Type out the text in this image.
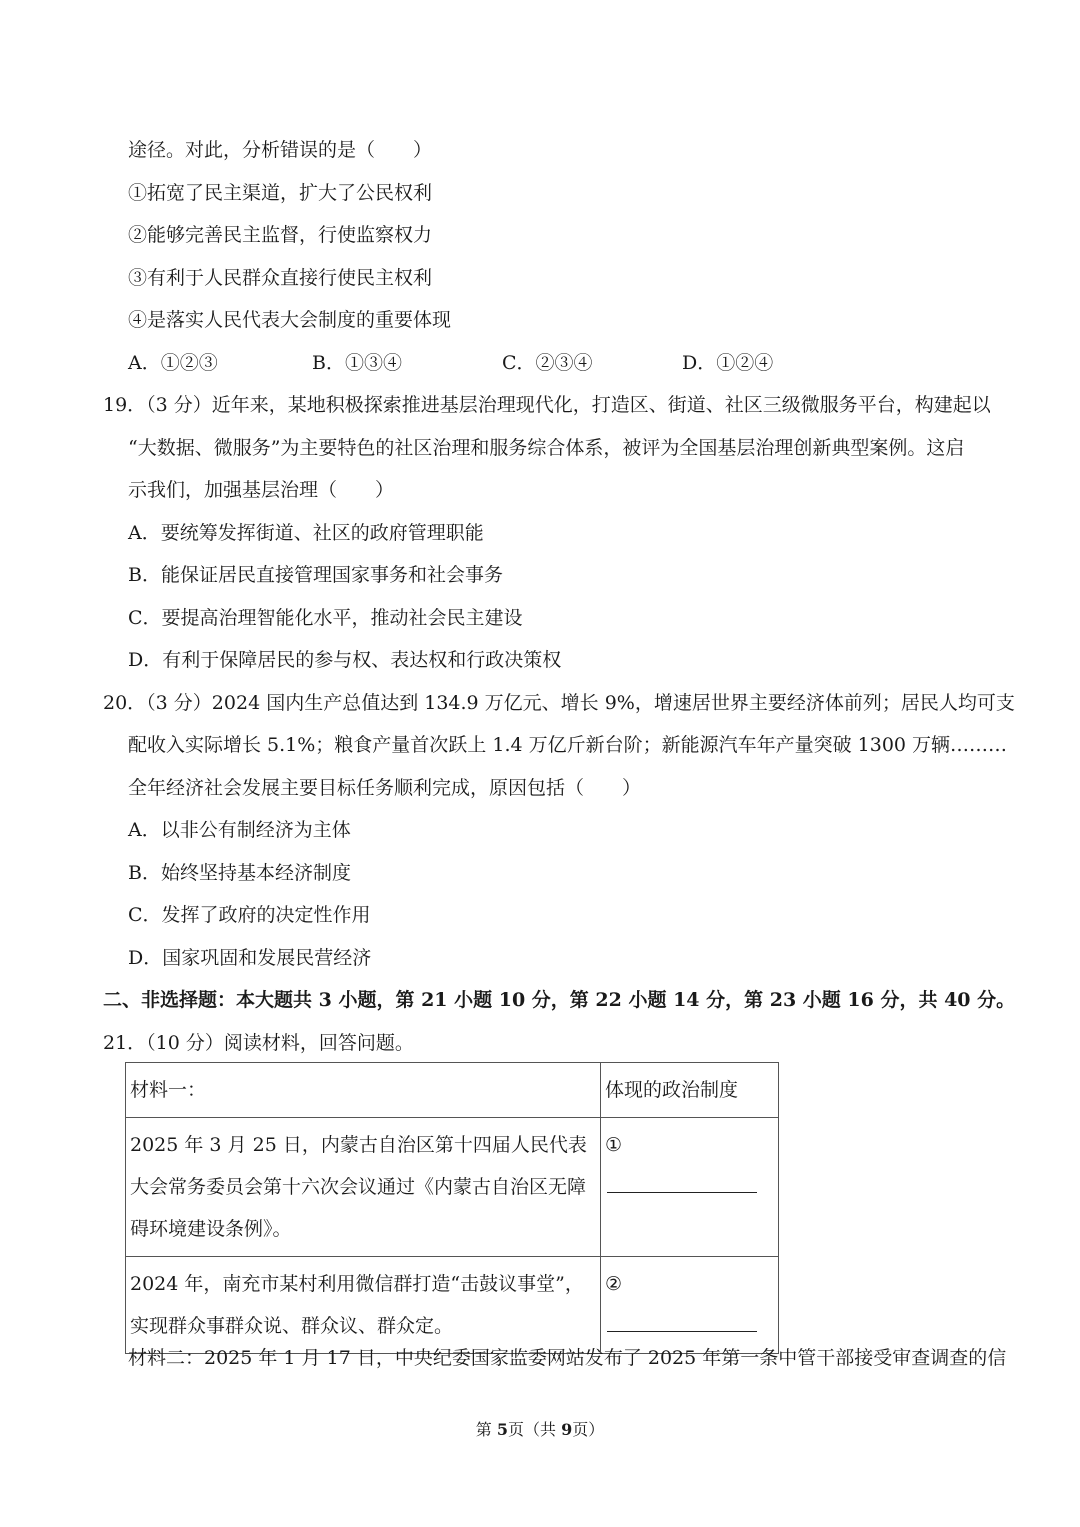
途径。对此，分析错误的是（　　）
①拓宽了民主渠道，扩大了公民权利
②能够完善民主监督，行使监察权力
③有利于人民群众直接行使民主权利
④是落实人民代表大会制度的重要体现
A．①②③	B．①③④	C．②③④	D．①②④
19．（3 分）近年来，某地积极探索推进基层治理现代化，打造区、街道、社区三级微服务平台，构建起以
“大数据、微服务”为主要特色的社区治理和服务综合体系，被评为全国基层治理创新典型案例。这启
示我们，加强基层治理（　　）
A．要统筹发挥街道、社区的政府管理职能
B．能保证居民直接管理国家事务和社会事务
C．要提高治理智能化水平，推动社会民主建设
D．有利于保障居民的参与权、表达权和行政决策权
20．（3 分）2024 国内生产总值达到 134.9 万亿元、增长 9%，增速居世界主要经济体前列；居民人均可支
配收入实际增长 5.1%；粮食产量首次跃上 1.4 万亿斤新台阶；新能源汽车年产量突破 1300 万辆………
全年经济社会发展主要目标任务顺利完成，原因包括（　　）
A．以非公有制经济为主体
B．始终坚持基本经济制度
C．发挥了政府的决定性作用
D．国家巩固和发展民营经济
二、非选择题：本大题共 3 小题，第 21 小题 10 分，第 22 小题 14 分，第 23 小题 16 分，共 40 分。
21．（10 分）阅读材料，回答问题。
材料一：	体现的政治制度
2025 年 3 月 25 日，内蒙古自治区第十四届人民代表大会常务委员会第十六次会议通过《内蒙古自治区无障碍环境建设条例》。	①
2024 年，南充市某村利用微信群打造“击鼓议事堂”，实现群众事群众说、群众议、群众定。	②
材料二：2025 年 1 月 17 日，中央纪委国家监委网站发布了 2025 年第一条中管干部接受审查调查的信
第 5页（共 9页）
